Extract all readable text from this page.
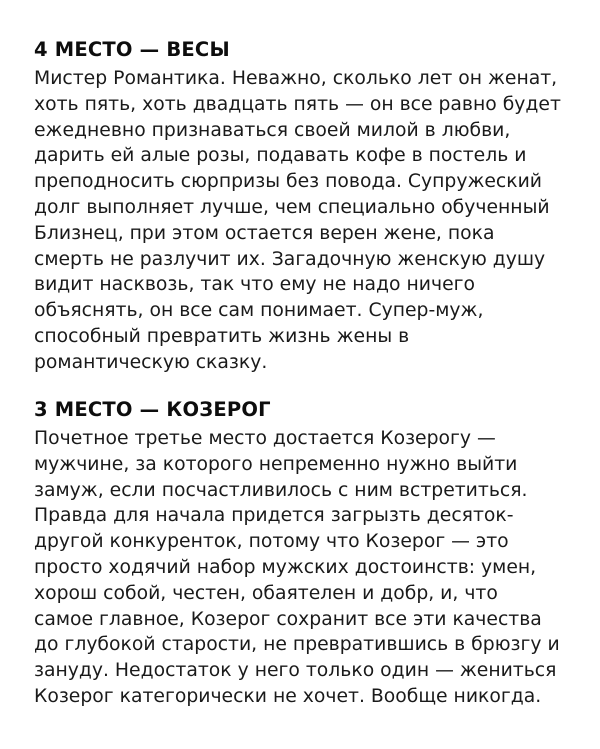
4 МЕСТО — ВЕСЫ

Мистер Романтика. Неважно, сколько лет он женат,
хоть пять, хоть двадцать пять — он все равно будет
ежедневно признаваться своей милой в любви,
дарить ей алые розы, подавать кофе в постель и
преподносить сюрпризы без повода. Супружеский
долг выполняет лучше, чем специально обученный
Близнец, при этом остается верен жене, пока
смерть не разлучит их. Загадочную женскую душу
видит насквозь, так что ему не надо ничего
объяснять, он все сам понимает. Супер-муж,
способный превратить жизнь жены в
романтическую сказку.

3 МЕСТО — КОЗЕРОГ

Почетное третье место достается Козерогу —
мужчине, за которого непременно нужно выйти
замуж, если посчастливилось с ним встретиться.
Правда для начала придется загрызть десяток-
другой конкуренток, потому что Козерог — это
просто ходячий набор мужских достоинств: умен,
хорош собой, честен, обаятелен и добр, и, что
самое главное, Козерог сохранит все эти качества
до глубокой старости, не превратившись в брюзгу и
зануду. Недостаток у него только один — жениться
Козерог категорически не хочет. Вообще никогда.
